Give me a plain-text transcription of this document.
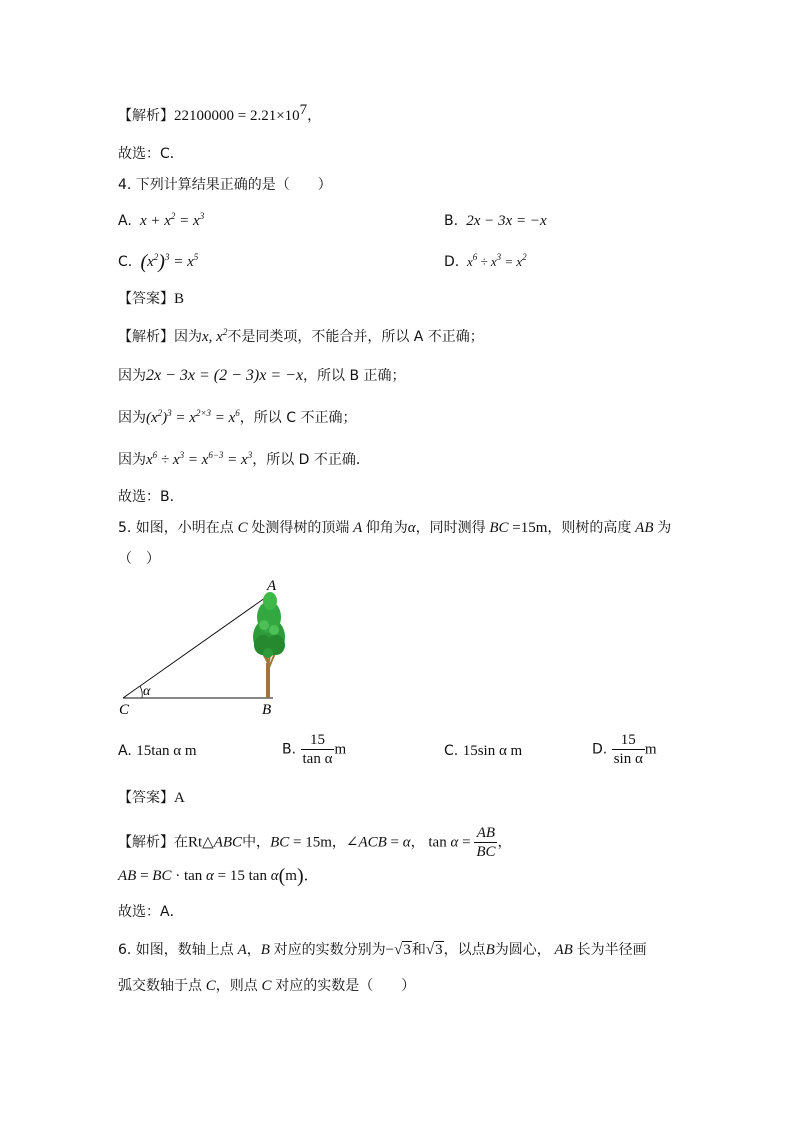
【解析】$22100000 = 2.21\times 10^7$，
故选：C．
4. 下列计算结果正确的是（　　）
A.  $x + x^2 = x^3$	B.  2x − 3x = −x
C. $(x^2)^3 = x^5$	D.  $x^6 \div x^3 = x^2$
【答案】B
【解析】因为x, $x^2$不是同类项，不能合并，所以 A 不正确；
因为2x − 3x = (2 − 3)x = −x，所以 B 正确；
因为$(x^2)^3 = x^{2\times 3} = x^6$，所以 C 不正确；
因为$x^6 \div x^3 = x^{6-3} = x^3$，所以 D 不正确．
故选：B．
5. 如图，小明在点 C 处测得树的顶端 A 仰角为α，同时测得 BC =15m，则树的高度 AB 为
（　）
A
B
C
α
A. 15tan α m	B. $\frac{15}{\text{tan α}}$ m	C. 15sin α m	D. $\frac{15}{\text{sin α}}$ m
【答案】A
【解析】在Rt△ABC中，BC = 15m，∠ACB = α， $\tan \alpha = \frac{AB}{BC}$ ，
AB = BC · tan α = 15 tan α(m)．
故选：A．
6. 如图，数轴上点 A，B 对应的实数分别为−√3和√3，以点B为圆心， AB 长为半径画
弧交数轴于点 C，则点 C 对应的实数是（　　）
